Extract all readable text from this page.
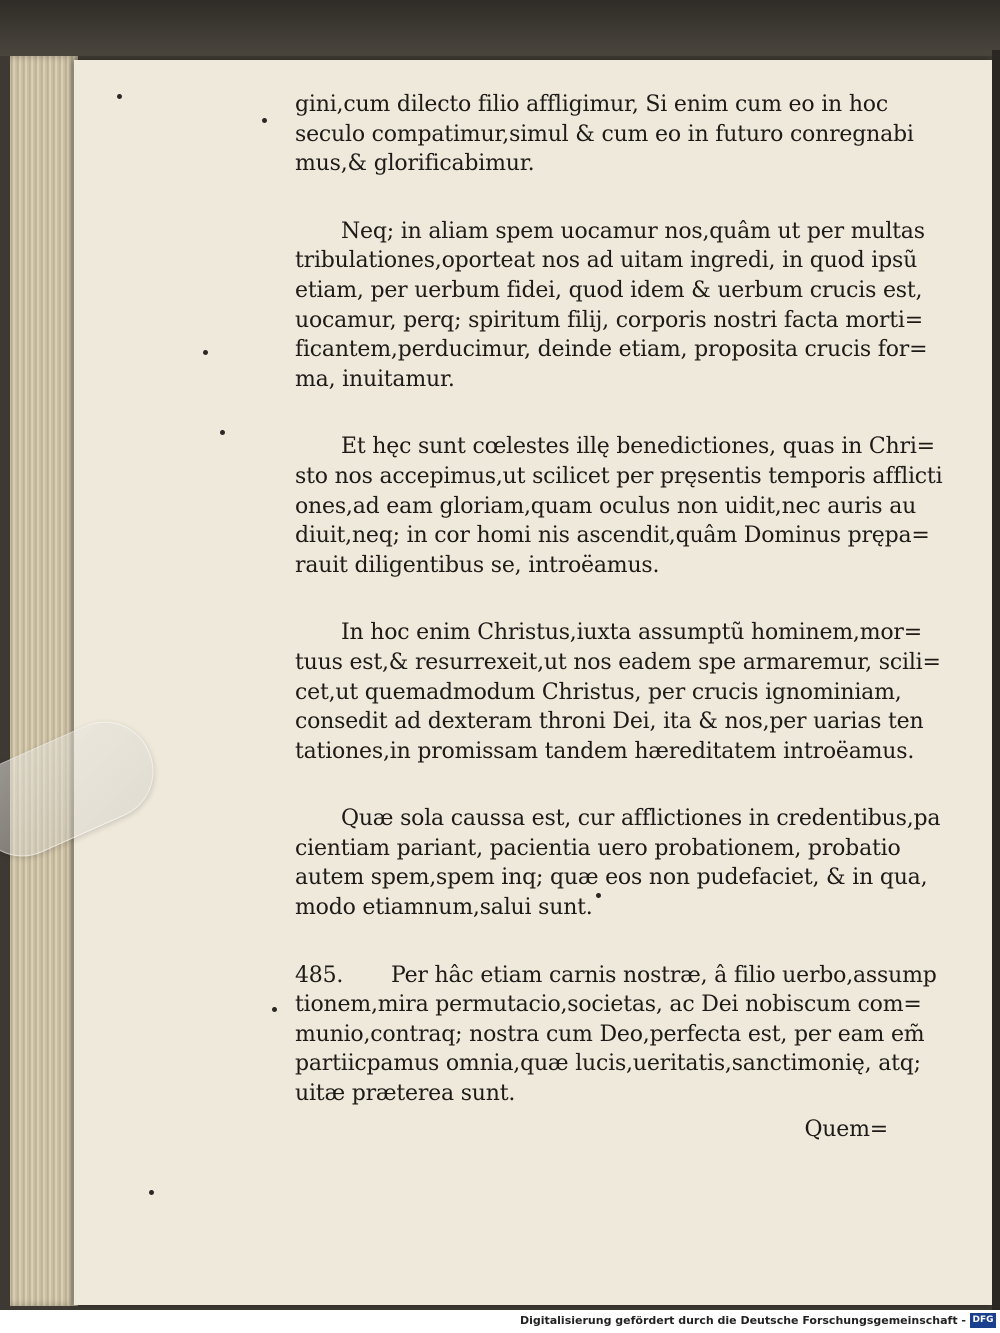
gini,cum dilecto filio affligimur, Si enim cum eo in hoc
seculo compatimur,simul & cum eo in futuro conregnabi
mus,& glorificabimur.
Neq; in aliam spem uocamur nos,quâm ut per multas
tribulationes,oporteat nos ad uitam ingredi, in quod ipsũ
etiam, per uerbum fidei, quod idem & uerbum crucis est,
uocamur, perq; spiritum filij, corporis nostri facta morti=
ficantem,perducimur, deinde etiam, proposita crucis for=
ma, inuitamur.
Et hęc sunt cœlestes illę benedictiones, quas in Chri=
sto nos accepimus,ut scilicet per pręsentis temporis afflicti
ones,ad eam gloriam,quam oculus non uidit,nec auris au
diuit,neq; in cor homi nis ascendit,quâm Dominus prępa=
rauit diligentibus se, introëamus.
In hoc enim Christus,iuxta assumptũ hominem,mor=
tuus est,& resurrexeit,ut nos eadem spe armaremur, scili=
cet,ut quemadmodum Christus, per crucis ignominiam,
consedit ad dexteram throni Dei, ita & nos,per uarias ten
tationes,in promissam tandem hæreditatem introëamus.
Quæ sola caussa est, cur afflictiones in credentibus,pa
cientiam pariant, pacientia uero probationem, probatio
autem spem,spem inq; quæ eos non pudefaciet, & in qua,
modo etiamnum,salui sunt.
485. Per hâc etiam carnis nostræ, â filio uerbo,assump
tionem,mira permutacio,societas, ac Dei nobiscum com=
munio,contraq; nostra cum Deo,perfecta est, per eam em̃
partiicpamus omnia,quæ lucis,ueritatis,sanctimonię, atq;
uitæ præterea sunt.
Quem=
Digitalisierung gefördert durch die Deutsche Forschungsgemeinschaft - DFG
